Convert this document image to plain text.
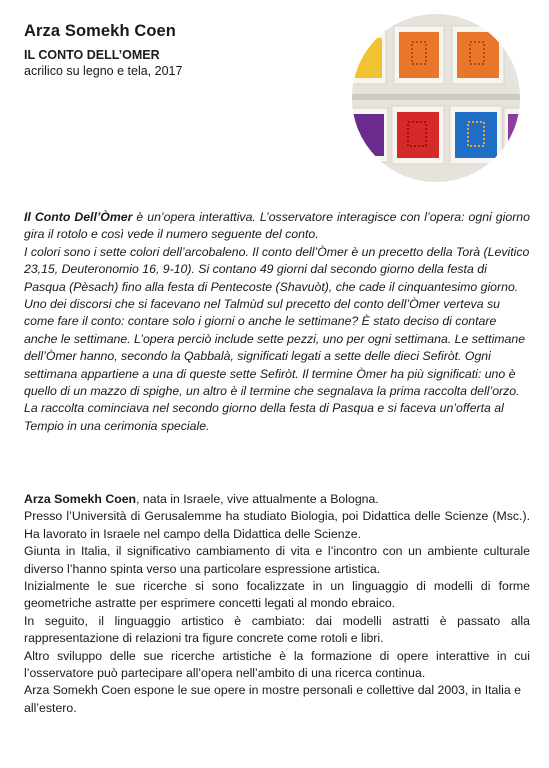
Arza Somekh Coen
IL CONTO DELL’OMER
acrilico su legno e tela, 2017

Il Conto Dell’Òmer è un’opera interattiva. L’osservatore interagisce con l’opera: ogni giorno gira il rotolo e così vede il numero seguente del conto.

I colori sono i sette colori dell’arcobaleno. Il conto dell’Òmer è un precetto della Torà (Levitico 23,15, Deuteronomio 16, 9-10). Si contano 49 giorni dal secondo giorno della festa di Pasqua (Pèsach) fino alla festa di Pentecoste (Shavuòt), che cade il cinquantesimo giorno. Uno dei discorsi che si facevano nel Talmùd sul precetto del conto dell’Òmer verteva su come fare il conto: contare solo i giorni o anche le settimane? È stato deciso di contare anche le settimane. L’opera perciò include sette pezzi, uno per ogni settimana. Le settimane dell’Òmer hanno, secondo la Qabbalà, significati legati a sette delle dieci Sefiròt. Ogni settimana appartiene a una di queste sette Sefiròt. Il termine Òmer ha più significati: uno è quello di un mazzo di spighe, un altro è il termine che segnalava la prima raccolta dell’orzo. La raccolta cominciava nel secondo giorno della festa di Pasqua e si faceva un’offerta al Tempio in una cerimonia speciale.

Arza Somekh Coen, nata in Israele, vive attualmente a Bologna.

Presso l’Università di Gerusalemme ha studiato Biologia, poi Didattica delle Scienze (Msc.). Ha lavorato in Israele nel campo della Didattica delle Scienze.

Giunta in Italia, il significativo cambiamento di vita e l’incontro con un ambiente culturale diverso l’hanno spinta verso una particolare espressione artistica.

Inizialmente le sue ricerche si sono focalizzate in un linguaggio di modelli di forme geometriche astratte per esprimere concetti legati al mondo ebraico.

In seguito, il linguaggio artistico è cambiato: dai modelli astratti è passato alla rappresentazione di relazioni tra figure concrete come rotoli e libri.

Altro sviluppo delle sue ricerche artistiche è la formazione di opere interattive in cui l’osservatore può partecipare all’opera nell’ambito di una ricerca continua.

Arza Somekh Coen espone le sue opere in mostre personali e collettive dal 2003, in Italia e all’estero.
